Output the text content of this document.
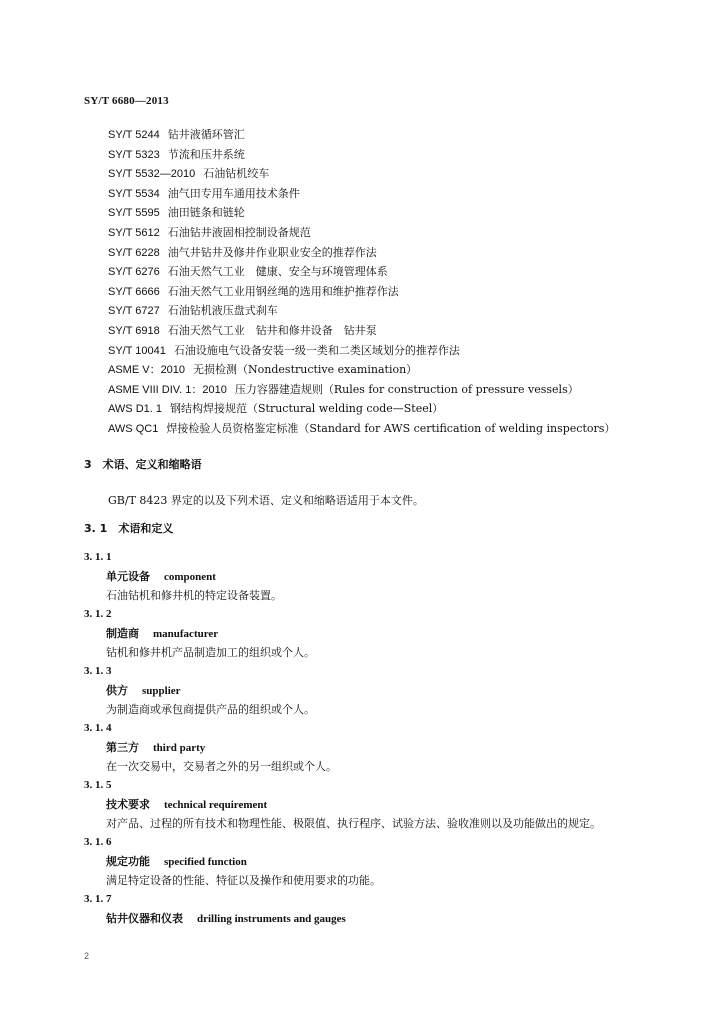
SY/T 6680—2013
SY/T 5244 钻井液循环管汇
SY/T 5323 节流和压井系统
SY/T 5532—2010 石油钻机绞车
SY/T 5534 油气田专用车通用技术条件
SY/T 5595 油田链条和链轮
SY/T 5612 石油钻井液固相控制设备规范
SY/T 6228 油气井钻井及修井作业职业安全的推荐作法
SY/T 6276 石油天然气工业　健康、安全与环境管理体系
SY/T 6666 石油天然气工业用钢丝绳的选用和维护推荐作法
SY/T 6727 石油钻机液压盘式刹车
SY/T 6918 石油天然气工业　钻井和修井设备　钻井泵
SY/T 10041 石油设施电气设备安装一级一类和二类区域划分的推荐作法
ASME V：2010 无损检测（Nondestructive examination）
ASME VIII DIV. 1：2010 压力容器建造规则（Rules for construction of pressure vessels）
AWS D1. 1 钢结构焊接规范（Structural welding code—Steel）
AWS QC1 焊接检验人员资格鉴定标准（Standard for AWS certification of welding inspectors）
3　术语、定义和缩略语
GB/T 8423 界定的以及下列术语、定义和缩略语适用于本文件。
3. 1　术语和定义
3. 1. 1
单元设备 component
石油钻机和修井机的特定设备装置。
3. 1. 2
制造商 manufacturer
钻机和修井机产品制造加工的组织或个人。
3. 1. 3
供方 supplier
为制造商或承包商提供产品的组织或个人。
3. 1. 4
第三方 third party
在一次交易中，交易者之外的另一组织或个人。
3. 1. 5
技术要求 technical requirement
对产品、过程的所有技术和物理性能、极限值、执行程序、试验方法、验收准则以及功能做出的规定。
3. 1. 6
规定功能 specified function
满足特定设备的性能、特征以及操作和使用要求的功能。
3. 1. 7
钻井仪器和仪表 drilling instruments and gauges
2
